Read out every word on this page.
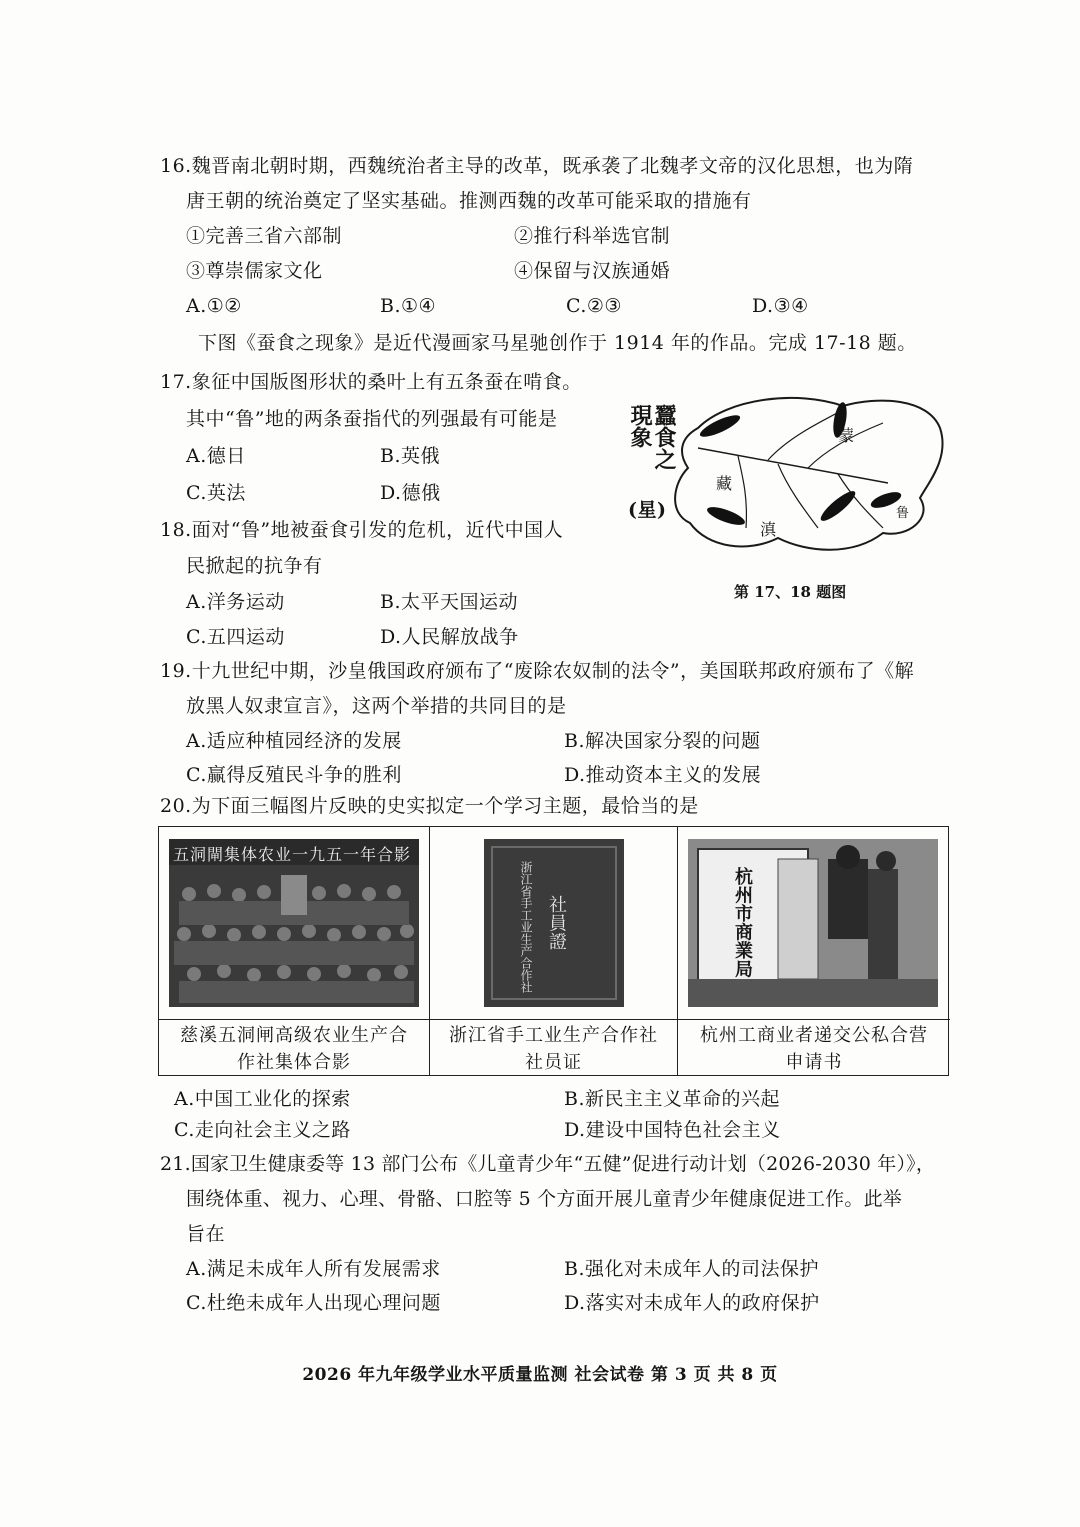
16.魏晋南北朝时期，西魏统治者主导的改革，既承袭了北魏孝文帝的汉化思想，也为隋
唐王朝的统治奠定了坚实基础。推测西魏的改革可能采取的措施有
①完善三省六部制	②推行科举选官制
③尊崇儒家文化	④保留与汉族通婚
A.①②	B.①④	C.②③	D.③④
下图《蚕食之现象》是近代漫画家马星驰创作于 1914 年的作品。完成 17-18 题。
17.象征中国版图形状的桑叶上有五条蚕在啃食。
其中“鲁”地的两条蚕指代的列强最有可能是
A.德日	B.英俄
C.英法	D.德俄
蠶食之
現象
(星)
蒙
藏
滇
鲁
第 17、18 题图
18.面对“鲁”地被蚕食引发的危机，近代中国人
民掀起的抗争有
A.洋务运动	B.太平天国运动
C.五四运动	D.人民解放战争
19.十九世纪中期，沙皇俄国政府颁布了“废除农奴制的法令”，美国联邦政府颁布了《解
放黑人奴隶宣言》，这两个举措的共同目的是
A.适应种植园经济的发展	B.解决国家分裂的问题
C.赢得反殖民斗争的胜利	D.推动资本主义的发展
20.为下面三幅图片反映的史实拟定一个学习主题，最恰当的是
五洞閘集体农业一九五一年合影
慈溪五洞闸高级农业生产合
作社集体合影
浙江省手工业生产合作社 社員證
浙江省手工业生产合作社
社员证
杭州市商業局
杭州工商业者递交公私合营
申请书
A.中国工业化的探索	B.新民主主义革命的兴起
C.走向社会主义之路	D.建设中国特色社会主义
21.国家卫生健康委等 13 部门公布《儿童青少年“五健”促进行动计划（2026-2030 年）》，
围绕体重、视力、心理、骨骼、口腔等 5 个方面开展儿童青少年健康促进工作。此举
旨在
A.满足未成年人所有发展需求	B.强化对未成年人的司法保护
C.杜绝未成年人出现心理问题	D.落实对未成年人的政府保护
2026 年九年级学业水平质量监测 社会试卷 第 3 页 共 8 页
